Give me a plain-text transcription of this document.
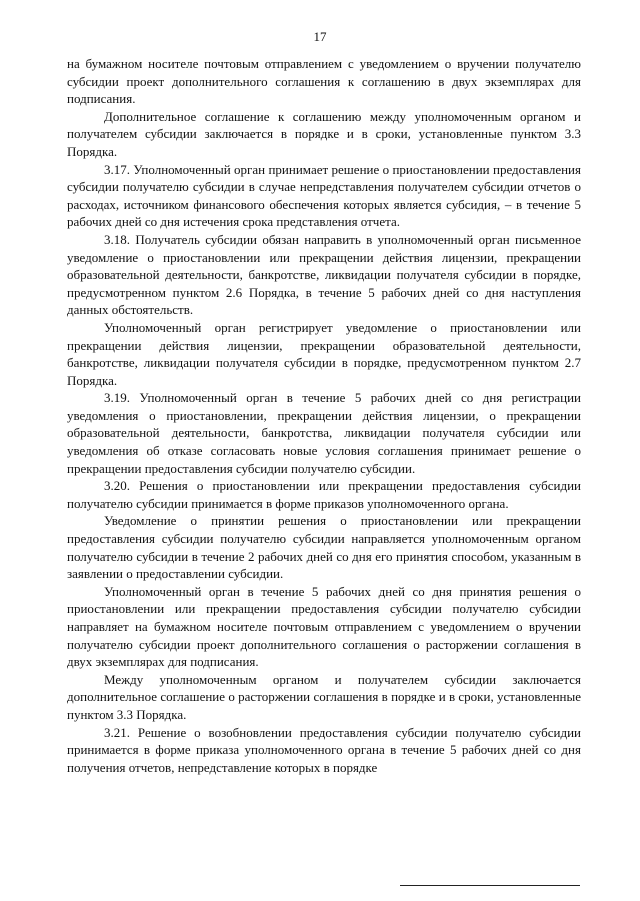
17

на бумажном носителе почтовым отправлением с уведомлением о вручении получателю субсидии проект дополнительного соглашения к соглашению в двух экземплярах для подписания.

Дополнительное соглашение к соглашению между уполномоченным органом и получателем субсидии заключается в порядке и в сроки, установленные пунктом 3.3 Порядка.

3.17. Уполномоченный орган принимает решение о приостановлении предоставления субсидии получателю субсидии в случае непредставления получателем субсидии отчетов о расходах, источником финансового обеспечения которых является субсидия, – в течение 5 рабочих дней со дня истечения срока представления отчета.

3.18. Получатель субсидии обязан направить в уполномоченный орган письменное уведомление о приостановлении или прекращении действия лицензии, прекращении образовательной деятельности, банкротстве, ликвидации получателя субсидии в порядке, предусмотренном пунктом 2.6 Порядка, в течение 5 рабочих дней со дня наступления данных обстоятельств.

Уполномоченный орган регистрирует уведомление о приостановлении или прекращении действия лицензии, прекращении образовательной деятельности, банкротстве, ликвидации получателя субсидии в порядке, предусмотренном пунктом 2.7 Порядка.

3.19. Уполномоченный орган в течение 5 рабочих дней со дня регистрации уведомления о приостановлении, прекращении действия лицензии, о прекращении образовательной деятельности, банкротства, ликвидации получателя субсидии или уведомления об отказе согласовать новые условия соглашения принимает решение о прекращении предоставления субсидии получателю субсидии.

3.20. Решения о приостановлении или прекращении предоставления субсидии получателю субсидии принимается в форме приказов уполномоченного органа.

Уведомление о принятии решения о приостановлении или прекращении предоставления субсидии получателю субсидии направляется уполномоченным органом получателю субсидии в течение 2 рабочих дней со дня его принятия способом, указанным в заявлении о предоставлении субсидии.

Уполномоченный орган в течение 5 рабочих дней со дня принятия решения о приостановлении или прекращении предоставления субсидии получателю субсидии направляет на бумажном носителе почтовым отправлением с уведомлением о вручении получателю субсидии проект дополнительного соглашения о расторжении соглашения в двух экземплярах для подписания.

Между уполномоченным органом и получателем субсидии заключается дополнительное соглашение о расторжении соглашения в порядке и в сроки, установленные пунктом 3.3 Порядка.

3.21. Решение о возобновлении предоставления субсидии получателю субсидии принимается в форме приказа уполномоченного органа в течение 5 рабочих дней со дня получения отчетов, непредставление которых в порядке
